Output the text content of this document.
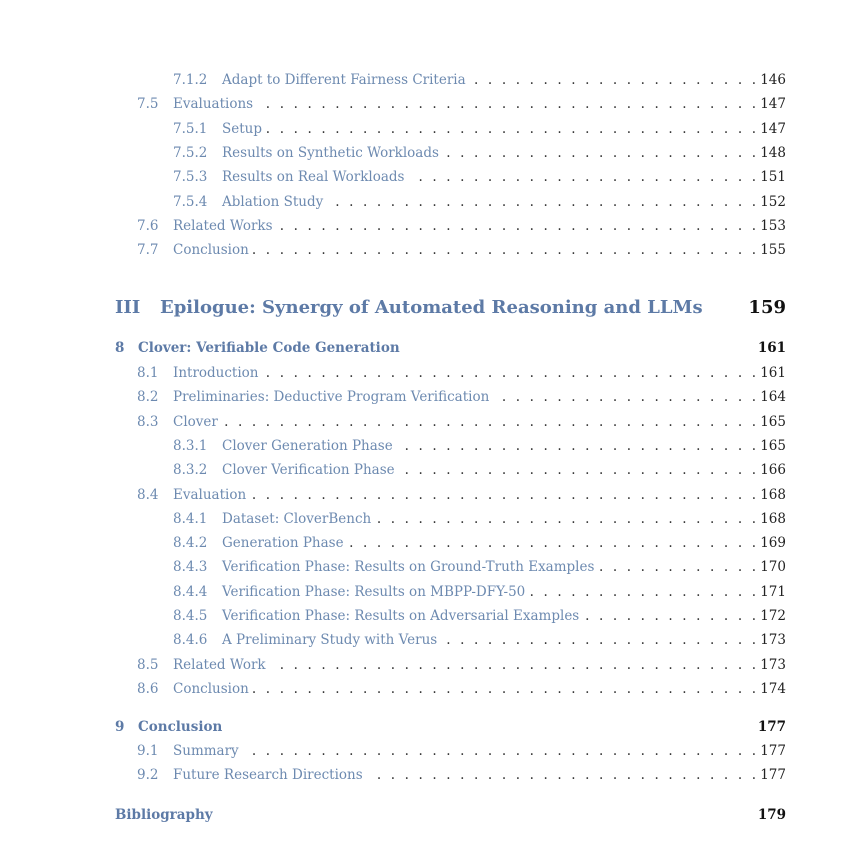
7.1.2 . . . Adapt to Different Fairness Criteria	146
7.5 . . . Evaluations	147
7.5.1 . . . Setup	147
7.5.2 . . . Results on Synthetic Workloads	148
7.5.3 . . . Results on Real Workloads	151
7.5.4 . . . Ablation Study	152
7.6 . . . Related Works	153
7.7 . . . Conclusion	155
III Epilogue: Synergy of Automated Reasoning and LLMs	159
8 Clover: Verifiable Code Generation	161
8.1 . . . Introduction	161
8.2 . . . Preliminaries: Deductive Program Verification	164
8.3 . . . Clover	165
8.3.1 . . . Clover Generation Phase	165
8.3.2 . . . Clover Verification Phase	166
8.4 . . . Evaluation	168
8.4.1 . . . Dataset: CloverBench	168
8.4.2 . . . Generation Phase	169
8.4.3 . . . Verification Phase: Results on Ground-Truth Examples	170
8.4.4 . . . Verification Phase: Results on MBPP-DFY-50	171
8.4.5 . . . Verification Phase: Results on Adversarial Examples	172
8.4.6 . . . A Preliminary Study with Verus	173
8.5 . . . Related Work	173
8.6 . . . Conclusion	174
9 Conclusion	177
9.1 . . . Summary	177
9.2 . . . Future Research Directions	177
Bibliography	179
